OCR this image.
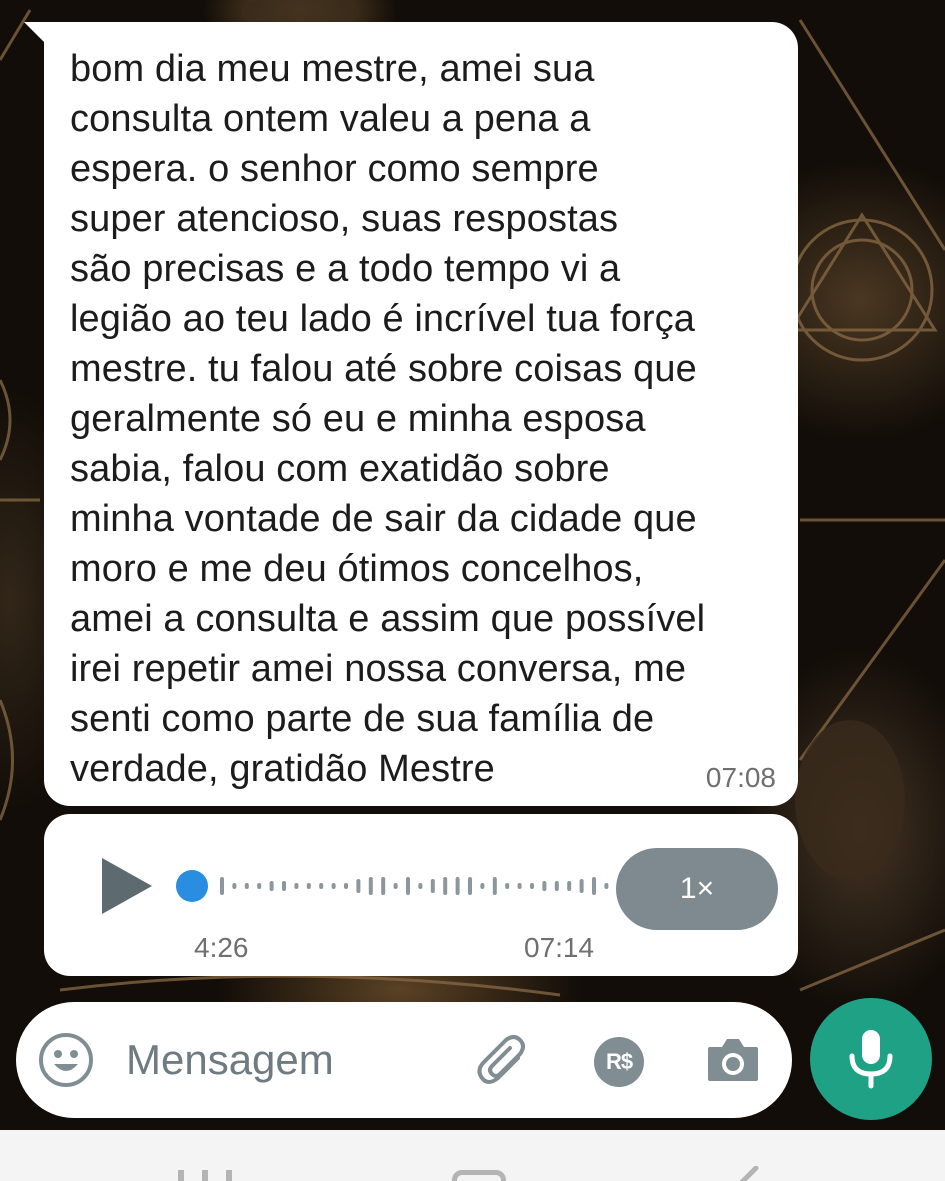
bom dia meu mestre, amei sua
consulta ontem valeu a pena a
espera. o senhor como sempre
super atencioso, suas respostas
são precisas e a todo tempo vi a
legião ao teu lado é incrível tua força
mestre. tu falou até sobre coisas que
geralmente só eu e minha esposa
sabia, falou com exatidão sobre
minha vontade de sair da cidade que
moro e me deu ótimos concelhos,
amei a consulta e assim que possível
irei repetir amei nossa conversa, me
senti como parte de sua família de
verdade, gratidão Mestre	07:08
1×
4:26	07:14
Mensagem	R$
